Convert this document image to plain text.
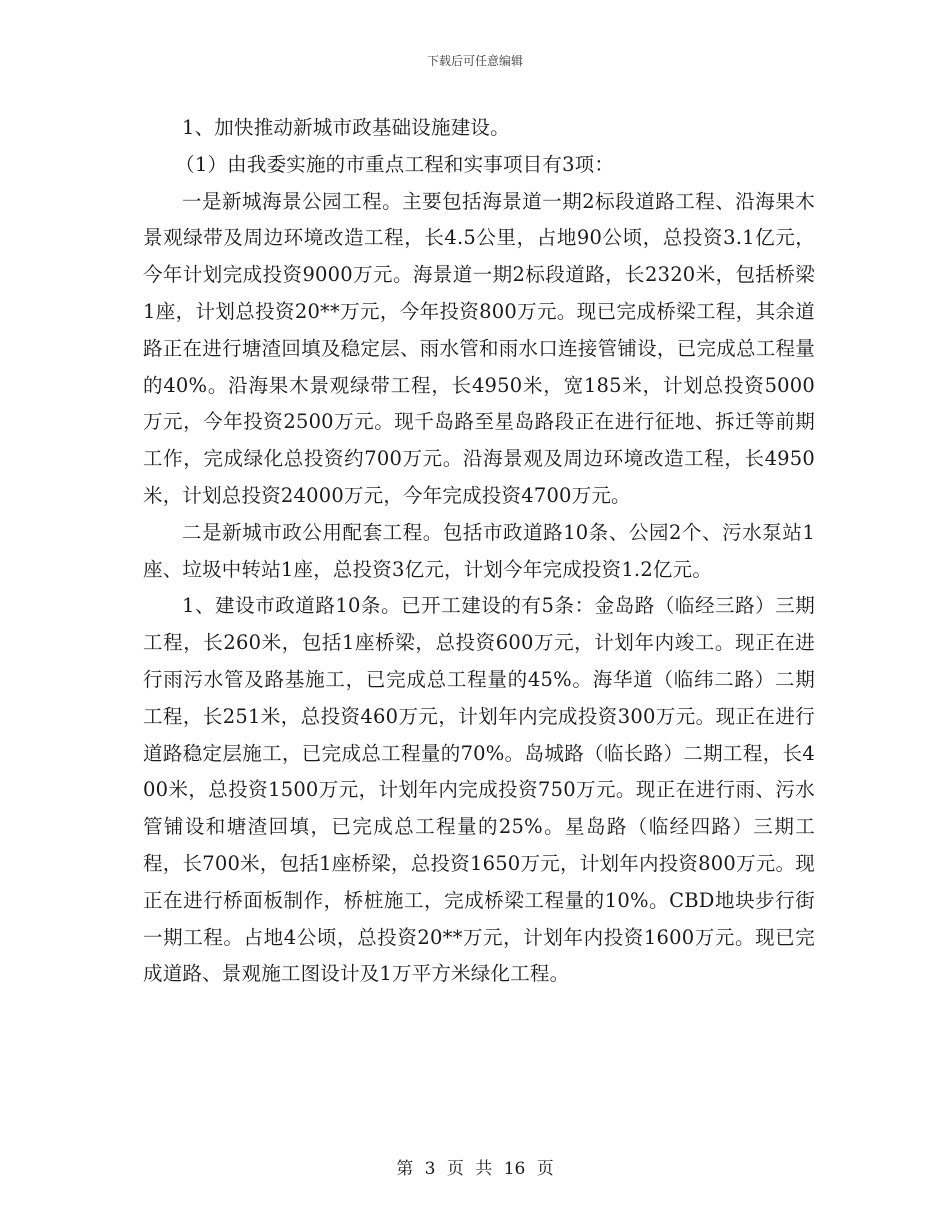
下载后可任意编辑

1、加快推动新城市政基础设施建设。

（1）由我委实施的市重点工程和实事项目有3项：

一是新城海景公园工程。主要包括海景道一期2标段道路工程、沿海果木景观绿带及周边环境改造工程，长4.5公里，占地90公顷，总投资3.1亿元，今年计划完成投资9000万元。海景道一期2标段道路，长2320米，包括桥梁1座，计划总投资20**万元，今年投资800万元。现已完成桥梁工程，其余道路正在进行塘渣回填及稳定层、雨水管和雨水口连接管铺设，已完成总工程量的40%。沿海果木景观绿带工程，长4950米，宽185米，计划总投资5000万元，今年投资2500万元。现千岛路至星岛路段正在进行征地、拆迁等前期工作，完成绿化总投资约700万元。沿海景观及周边环境改造工程，长4950米，计划总投资24000万元，今年完成投资4700万元。

二是新城市政公用配套工程。包括市政道路10条、公园2个、污水泵站1座、垃圾中转站1座，总投资3亿元，计划今年完成投资1.2亿元。

1、建设市政道路10条。已开工建设的有5条：金岛路（临经三路）三期工程，长260米，包括1座桥梁，总投资600万元，计划年内竣工。现正在进行雨污水管及路基施工，已完成总工程量的45%。海华道（临纬二路）二期工程，长251米，总投资460万元，计划年内完成投资300万元。现正在进行道路稳定层施工，已完成总工程量的70%。岛城路（临长路）二期工程，长400米，总投资1500万元，计划年内完成投资750万元。现正在进行雨、污水管铺设和塘渣回填，已完成总工程量的25%。星岛路（临经四路）三期工程，长700米，包括1座桥梁，总投资1650万元，计划年内投资800万元。现正在进行桥面板制作，桥桩施工，完成桥梁工程量的10%。CBD地块步行街一期工程。占地4公顷，总投资20**万元，计划年内投资1600万元。现已完成道路、景观施工图设计及1万平方米绿化工程。

第 3 页 共 16 页
